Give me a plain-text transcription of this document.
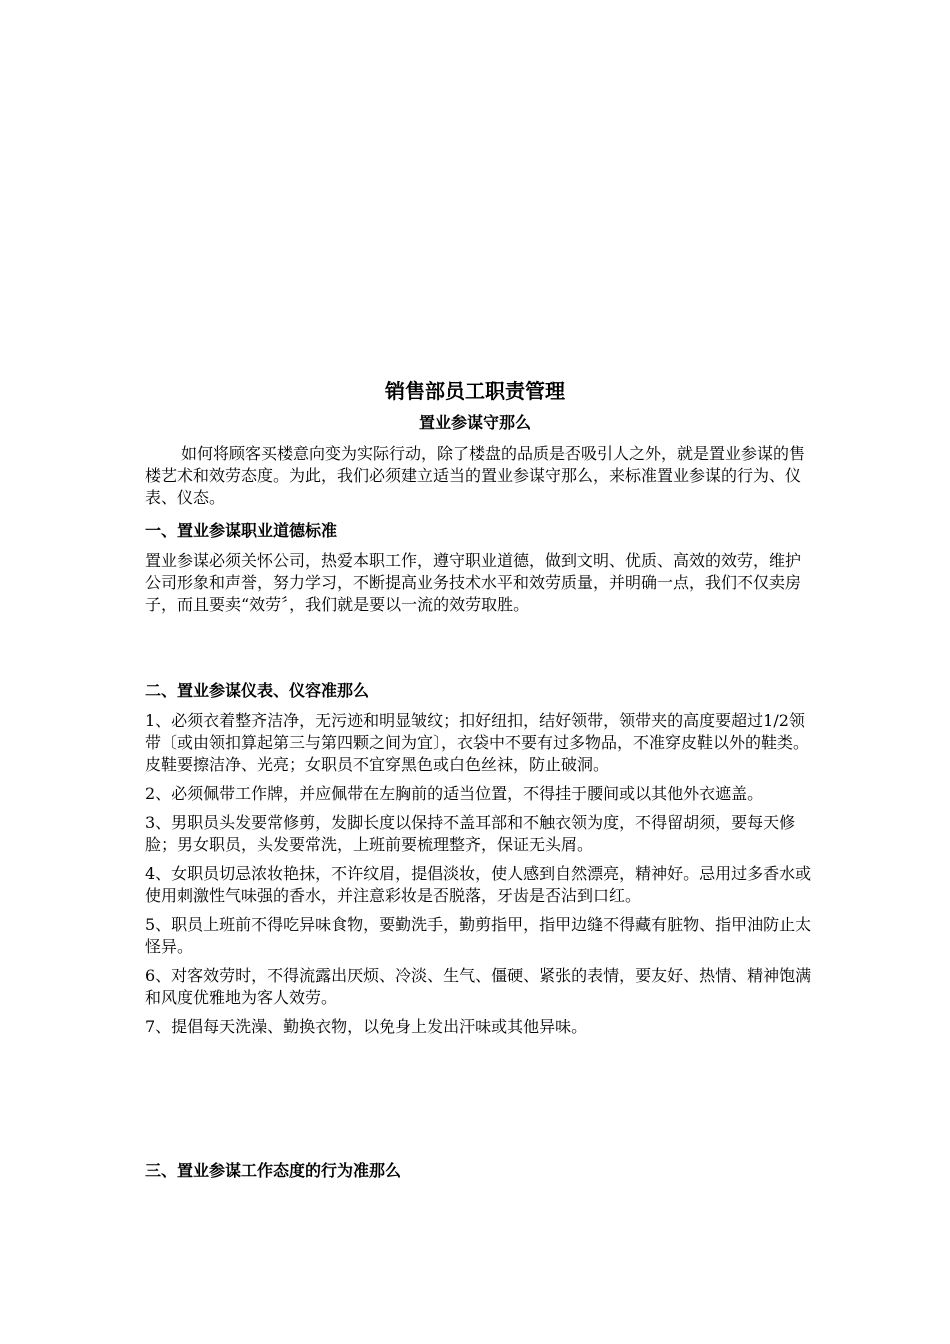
销售部员工职责管理
置业参谋守那么
如何将顾客买楼意向变为实际行动，除了楼盘的品质是否吸引人之外，就是置业参谋的售楼艺术和效劳态度。为此，我们必须建立适当的置业参谋守那么，来标准置业参谋的行为、仪表、仪态。
一、置业参谋职业道德标准
置业参谋必须关怀公司，热爱本职工作，遵守职业道德，做到文明、优质、高效的效劳，维护公司形象和声誉，努力学习，不断提高业务技术水平和效劳质量，并明确一点，我们不仅卖房子，而且要卖“效劳〞，我们就是要以一流的效劳取胜。
二、置业参谋仪表、仪容准那么

1、必须衣着整齐洁净，无污迹和明显皱纹；扣好纽扣，结好领带，领带夹的高度要超过1/2领带〔或由领扣算起第三与第四颗之间为宜〕，衣袋中不要有过多物品，不准穿皮鞋以外的鞋类。皮鞋要擦洁净、光亮；女职员不宜穿黑色或白色丝袜，防止破洞。

2、必须佩带工作牌，并应佩带在左胸前的适当位置，不得挂于腰间或以其他外衣遮盖。

3、男职员头发要常修剪，发脚长度以保持不盖耳部和不触衣领为度，不得留胡须，要每天修脸；男女职员，头发要常洗，上班前要梳理整齐，保证无头屑。

4、女职员切忌浓妆艳抹，不许纹眉，提倡淡妆，使人感到自然漂亮，精神好。忌用过多香水或使用刺激性气味强的香水，并注意彩妆是否脱落，牙齿是否沾到口红。

5、职员上班前不得吃异味食物，要勤洗手，勤剪指甲，指甲边缝不得藏有脏物、指甲油防止太怪异。

6、对客效劳时，不得流露出厌烦、冷淡、生气、僵硬、紧张的表情，要友好、热情、精神饱满和风度优雅地为客人效劳。

7、提倡每天洗澡、勤换衣物，以免身上发出汗味或其他异味。

三、置业参谋工作态度的行为准那么
